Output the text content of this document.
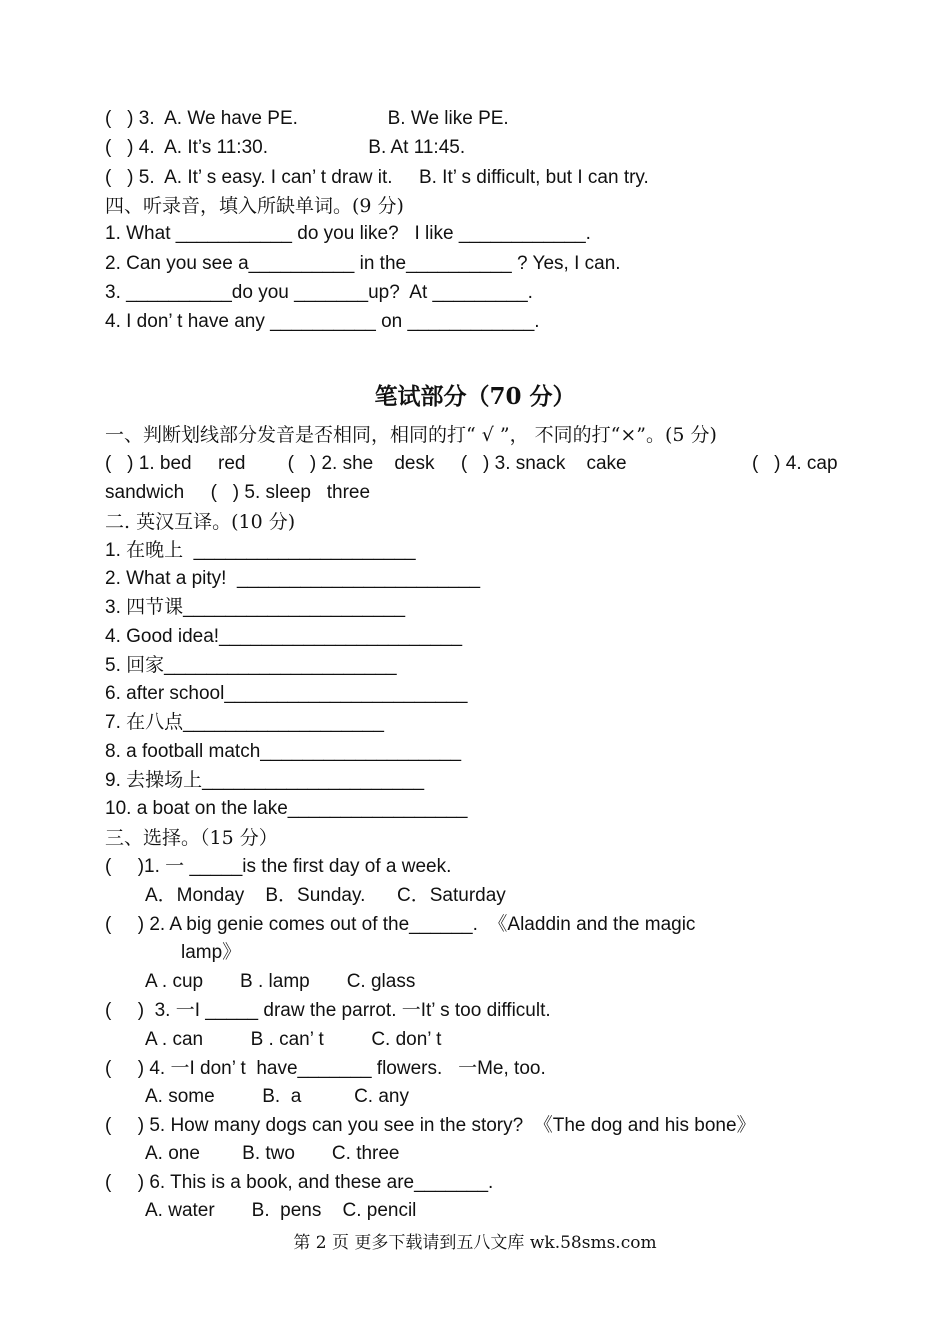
(   ) 3.  A. We have PE.                 B. We like PE.
(   ) 4.  A. It’s 11:30.                   B. At 11:45.
(   ) 5.  A. It’ s easy. I can’ t draw it.     B. It’ s difficult, but I can try.
四、听录音，填入所缺单词。(9 分)
1. What ___________ do you like?   I like ____________.
2. Can you see a__________ in the__________ ? Yes, I can.
3. __________do you _______up?  At _________.
4. I don’ t have any __________ on ____________.
笔试部分（70 分）
一、判断划线部分发音是否相同，相同的打“ √ ”， 不同的打“×”。(5 分)
(   ) 1. bed     red        (   ) 2. she    desk     (   ) 3. snack    cake	(   ) 4. cap
sandwich     (   ) 5. sleep   three
二. 英汉互译。(10 分)
1. 在晚上  _____________________
2. What a pity!  _______________________
3. 四节课_____________________
4. Good idea!_______________________
5. 回家______________________
6. after school_______________________
7. 在八点___________________
8. a football match___________________
9. 去操场上_____________________
10. a boat on the lake_________________
三、选择。（15 分）
(     )1. 一 _____is the first day of a week.
A．Monday    B．Sunday.      C．Saturday
(     ) 2. A big genie comes out of the______.  《Aladdin and the magic
lamp》
A . cup       B . lamp       C. glass
(     )  3. 一I _____ draw the parrot. 一It’ s too difficult.
A . can         B . can’ t         C. don’ t
(     ) 4. 一I don’ t  have_______ flowers.   一Me, too.
A. some         B.  a          C. any
(     ) 5. How many dogs can you see in the story?  《The dog and his bone》
A. one        B. two       C. three
(     ) 6. This is a book, and these are_______.
A. water       B.  pens    C. pencil
第 2 页 更多下载请到五八文库 wk.58sms.com
